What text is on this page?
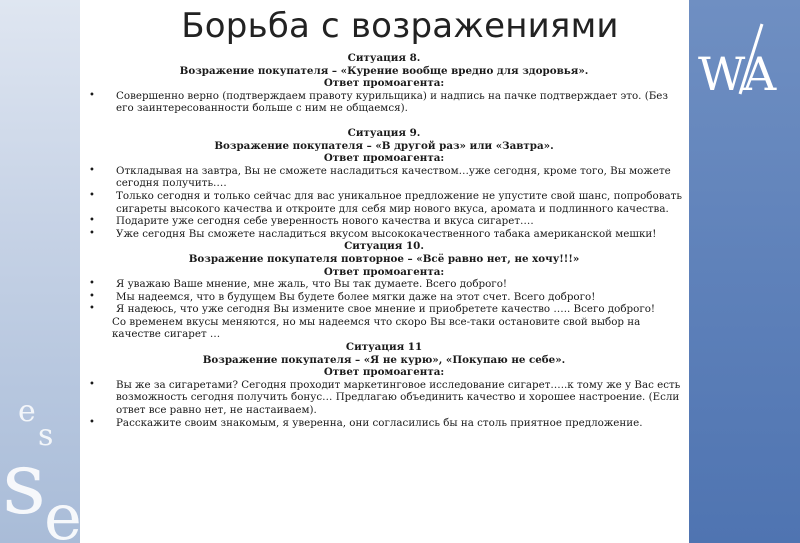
WA
e
s
s
e
Борьба с возражениями
Ситуация 8.
Возражение покупателя – «Курение вообще вредно для здоровья».
Ответ промоагента:
• Совершенно верно (подтверждаем правоту курильщика) и надпись на пачке подтверждает это. (Без его заинтересованности больше с ним не общаемся).
Ситуация 9.
Возражение покупателя – «В другой раз» или «Завтра».
Ответ промоагента:
• Откладывая на завтра, Вы не сможете насладиться качеством…уже сегодня, кроме того, Вы можете сегодня получить….
• Только сегодня и только сейчас для вас уникальное предложение не упустите свой шанс, попробовать сигареты высокого качества и откроите для себя мир нового вкуса, аромата и подлинного качества.
• Подарите уже сегодня себе уверенность нового качества и вкуса сигарет….
• Уже сегодня Вы сможете насладиться вкусом высококачественного табака американской мешки!
Ситуация 10.
Возражение покупателя повторное – «Всё равно нет, не хочу!!!»
Ответ промоагента:
• Я уважаю Ваше мнение, мне жаль, что Вы так думаете. Всего доброго!
• Мы надеемся, что в будущем Вы будете более мягки даже на этот счет. Всего доброго!
• Я надеюсь, что уже сегодня Вы измените свое мнение и приобретете качество ….. Всего доброго!
Со временем вкусы меняются, но мы надеемся что скоро Вы все-таки остановите свой выбор на качестве сигарет …
Ситуация 11
Возражение покупателя – «Я не курю», «Покупаю не себе».
Ответ промоагента:
• Вы же за сигаретами? Сегодня проходит маркетинговое исследование сигарет…..к тому же у Вас есть возможность сегодня получить бонус… Предлагаю объединить качество и хорошее настроение. (Если ответ все равно нет, не настаиваем).
• Расскажите своим знакомым, я уверенна, они согласились бы на столь приятное предложение.
